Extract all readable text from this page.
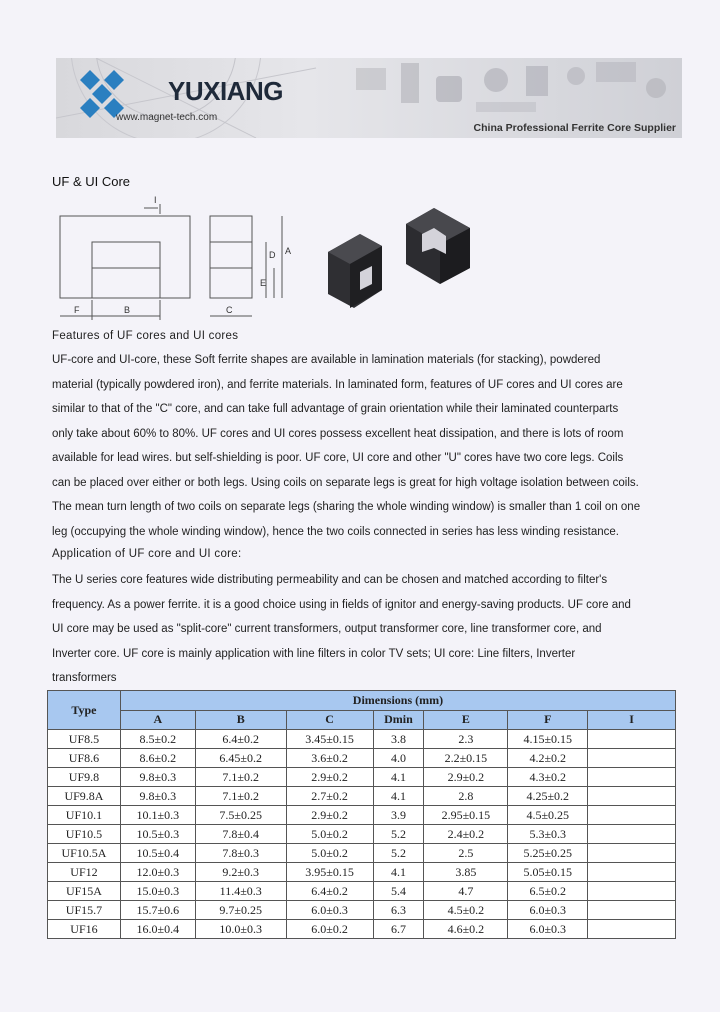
YUXIANG
www.magnet-tech.com
China Professional Ferrite Core Supplier
UF & UI Core
I
F	B	C
E
D A
Features of UF cores and UI cores
UF-core and UI-core, these Soft ferrite shapes are available in lamination materials (for stacking), powdered
material (typically powdered iron), and ferrite materials. In laminated form, features of UF cores and UI cores are
similar to that of the "C" core, and can take full advantage of grain orientation while their laminated counterparts
only take about 60% to 80%. UF cores and UI cores possess excellent heat dissipation, and there is lots of room
available for lead wires. but self-shielding is poor. UF core, UI core and other "U" cores have two core legs. Coils
can be placed over either or both legs. Using coils on separate legs is great for high voltage isolation between coils.
The mean turn length of two coils on separate legs (sharing the whole winding window) is smaller than 1 coil on one
leg (occupying the whole winding window), hence the two coils connected in series has less winding resistance.
Application of UF core and UI core:
The U series core features wide distributing permeability and can be chosen and matched according to filter's
frequency. As a power ferrite. it is a good choice using in fields of ignitor and energy-saving products. UF core and
UI core may be used as "split-core" current transformers, output transformer core, line transformer core, and
Inverter core. UF core is mainly application with line filters in color TV sets; UI core: Line filters, Inverter
transformers
Type	Dimensions (mm)						
	A	B	C	Dmin	E	F	I
UF8.5	8.5±0.2	6.4±0.2	3.45±0.15	3.8	2.3	4.15±0.15	
UF8.6	8.6±0.2	6.45±0.2	3.6±0.2	4.0	2.2±0.15	4.2±0.2	
UF9.8	9.8±0.3	7.1±0.2	2.9±0.2	4.1	2.9±0.2	4.3±0.2	
UF9.8A	9.8±0.3	7.1±0.2	2.7±0.2	4.1	2.8	4.25±0.2	
UF10.1	10.1±0.3	7.5±0.25	2.9±0.2	3.9	2.95±0.15	4.5±0.25	
UF10.5	10.5±0.3	7.8±0.4	5.0±0.2	5.2	2.4±0.2	5.3±0.3	
UF10.5A	10.5±0.4	7.8±0.3	5.0±0.2	5.2	2.5	5.25±0.25	
UF12	12.0±0.3	9.2±0.3	3.95±0.15	4.1	3.85	5.05±0.15	
UF15A	15.0±0.3	11.4±0.3	6.4±0.2	5.4	4.7	6.5±0.2	
UF15.7	15.7±0.6	9.7±0.25	6.0±0.3	6.3	4.5±0.2	6.0±0.3	
UF16	16.0±0.4	10.0±0.3	6.0±0.2	6.7	4.6±0.2	6.0±0.3	
